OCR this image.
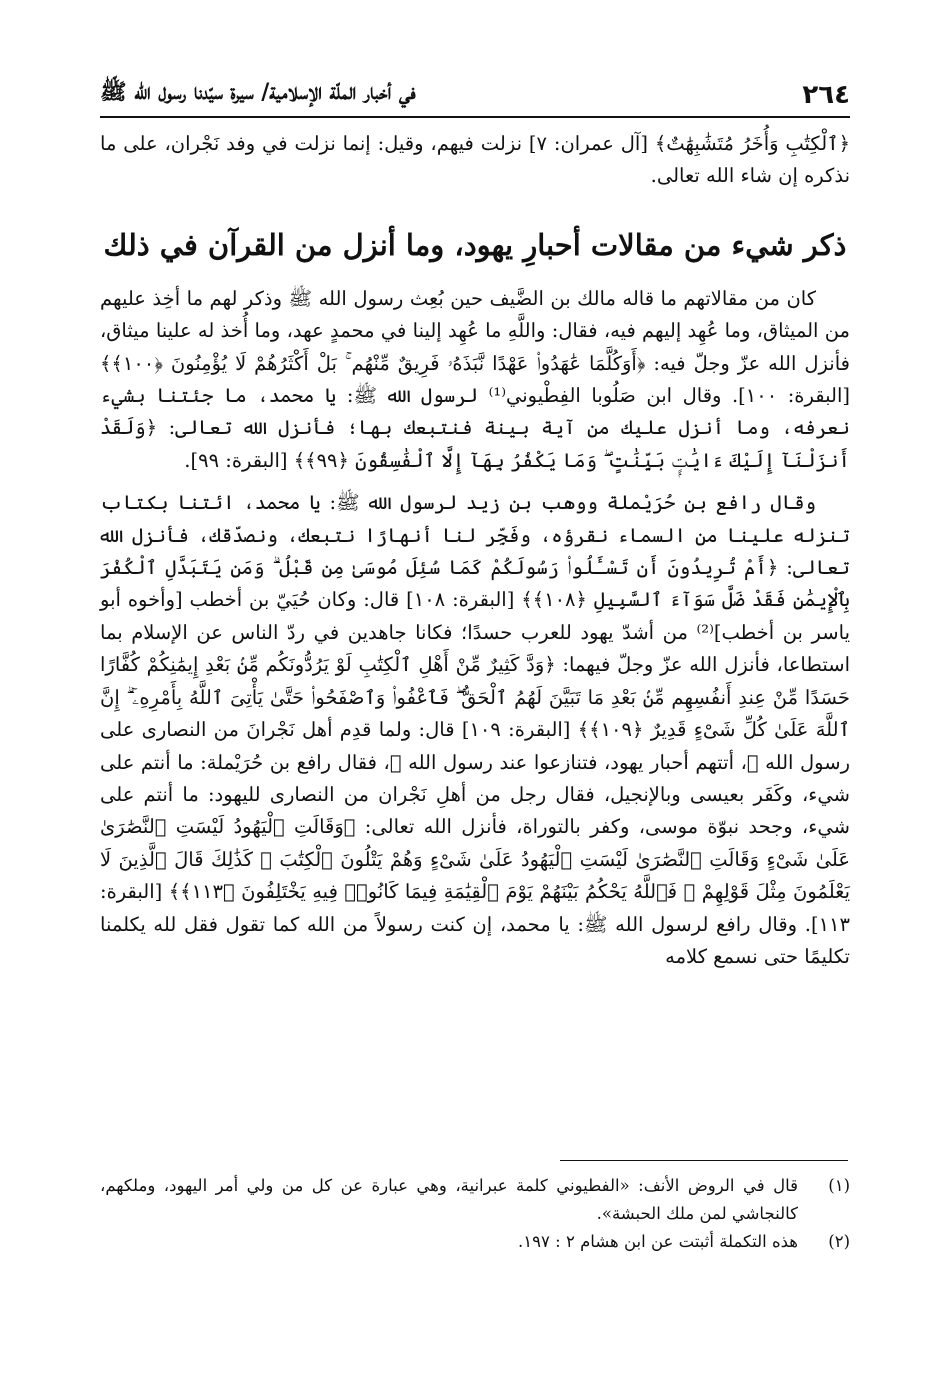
٢٦٤
في أخبار الملّة الإسلامية/ سيرة سيّدنا رسول الله ﷺ

﴿ٱلْكِتَٰبِ وَأُخَرُ مُتَشَٰبِهَٰتٌ﴾ [آل عمران: ٧] نزلت فيهم، وقيل: إنما نزلت في وفد نَجْران، على ما نذكره إن شاء الله تعالى.

ذكر شيء من مقالات أحبارِ يهود، وما أنزل من القرآن في ذلك

كان من مقالاتهم ما قاله مالك بن الضَّيف حين بُعِث رسول الله ﷺ وذكر لهم ما أخِذ عليهم من الميثاق، وما عُهِد إليهم فيه، فقال: واللَّهِ ما عُهِد إلينا في محمدٍ عهد، وما أُخذ له علينا ميثاق، فأنزل الله عزّ وجلّ فيه: ﴿أَوَكُلَّمَا عَٰهَدُوا۟ عَهْدًا نَّبَذَهُۥ فَرِيقٌ مِّنْهُم ۚ بَلْ أَكْثَرُهُمْ لَا يُؤْمِنُونَ ﴿١٠٠﴾﴾ [البقرة: ١٠٠]. وقال ابن صَلُوبا الفِطْيوني⁽¹⁾ لرسول الله ﷺ: يا محمد، ما جئتنا بشيء نعرفه، وما أنزل عليك من آية بينة فنتبعك بها؛ فأنزل الله تعالى: ﴿وَلَقَدْ أَنزَلْنَآ إِلَيْكَ ءَايَٰتٍۭ بَيِّنَٰتٍ ۖ وَمَا يَكْفُرُ بِهَآ إِلَّا ٱلْفَٰسِقُونَ ﴿٩٩﴾﴾ [البقرة: ٩٩].

وقال رافع بن حُرَيْملة ووهب بن زيد لرسول الله ﷺ: يا محمد، ائتنا بكتاب تنزله علينا من السماء نقرؤه، وفَجِّر لنا أنهارًا نتبعك، ونصدّقك، فأنزل الله تعالى: ﴿أَمْ تُرِيدُونَ أَن تَسْـَٔلُوا۟ رَسُولَكُمْ كَمَا سُئِلَ مُوسَىٰ مِن قَبْلُ ۗ وَمَن يَتَبَدَّلِ ٱلْكُفْرَ بِٱلْإِيمَٰنِ فَقَدْ ضَلَّ سَوَآءَ ٱلسَّبِيلِ ﴿١٠٨﴾﴾ [البقرة: ١٠٨] قال: وكان حُيَيّ بن أخطب [وأخوه أبو ياسر بن أخطب]⁽²⁾ من أشدّ يهود للعرب حسدًا؛ فكانا جاهدين في ردّ الناس عن الإسلام بما استطاعا، فأنزل الله عزّ وجلّ فيهما: ﴿وَدَّ كَثِيرٌ مِّنْ أَهْلِ ٱلْكِتَٰبِ لَوْ يَرُدُّونَكُم مِّنۢ بَعْدِ إِيمَٰنِكُمْ كُفَّارًا حَسَدًا مِّنْ عِندِ أَنفُسِهِم مِّنۢ بَعْدِ مَا تَبَيَّنَ لَهُمُ ٱلْحَقُّ ۖ فَٱعْفُوا۟ وَٱصْفَحُوا۟ حَتَّىٰ يَأْتِىَ ٱللَّهُ بِأَمْرِهِۦٓ ۗ إِنَّ ٱللَّهَ عَلَىٰ كُلِّ شَىْءٍ قَدِيرٌ ﴿١٠٩﴾﴾ [البقرة: ١٠٩] قال: ولما قدِم أهل نَجْرانَ من النصارى على رسول الله ﷺ، أتتهم أحبار يهود، فتنازعوا عند رسول الله ﷺ، فقال رافع بن حُرَيْملة: ما أنتم على شيء، وكَفَر بعيسى وبالإنجيل، فقال رجل من أهلِ نَجْران من النصارى لليهود: ما أنتم على شيء، وجحد نبوّة موسى، وكفر بالتوراة، فأنزل الله تعالى: ﴿وَقَالَتِ ٱلْيَهُودُ لَيْسَتِ ٱلنَّصَٰرَىٰ عَلَىٰ شَىْءٍ وَقَالَتِ ٱلنَّصَٰرَىٰ لَيْسَتِ ٱلْيَهُودُ عَلَىٰ شَىْءٍ وَهُمْ يَتْلُونَ ٱلْكِتَٰبَ ۗ كَذَٰلِكَ قَالَ ٱلَّذِينَ لَا يَعْلَمُونَ مِثْلَ قَوْلِهِمْ ۚ فَٱللَّهُ يَحْكُمُ بَيْنَهُمْ يَوْمَ ٱلْقِيَٰمَةِ فِيمَا كَانُوا۟ فِيهِ يَخْتَلِفُونَ ﴿١١٣﴾﴾ [البقرة: ١١٣]. وقال رافع لرسول الله ﷺ: يا محمد، إن كنت رسولاً من الله كما تقول فقل لله يكلمنا تكليمًا حتى نسمع كلامه

(١)
قال في الروض الأنف: «الفطيوني كلمة عبرانية، وهي عبارة عن كل من ولي أمر اليهود، وملكهم، كالنجاشي لمن ملك الحبشة».

(٢)
هذه التكملة أثبتت عن ابن هشام ٢ : ١٩٧.
